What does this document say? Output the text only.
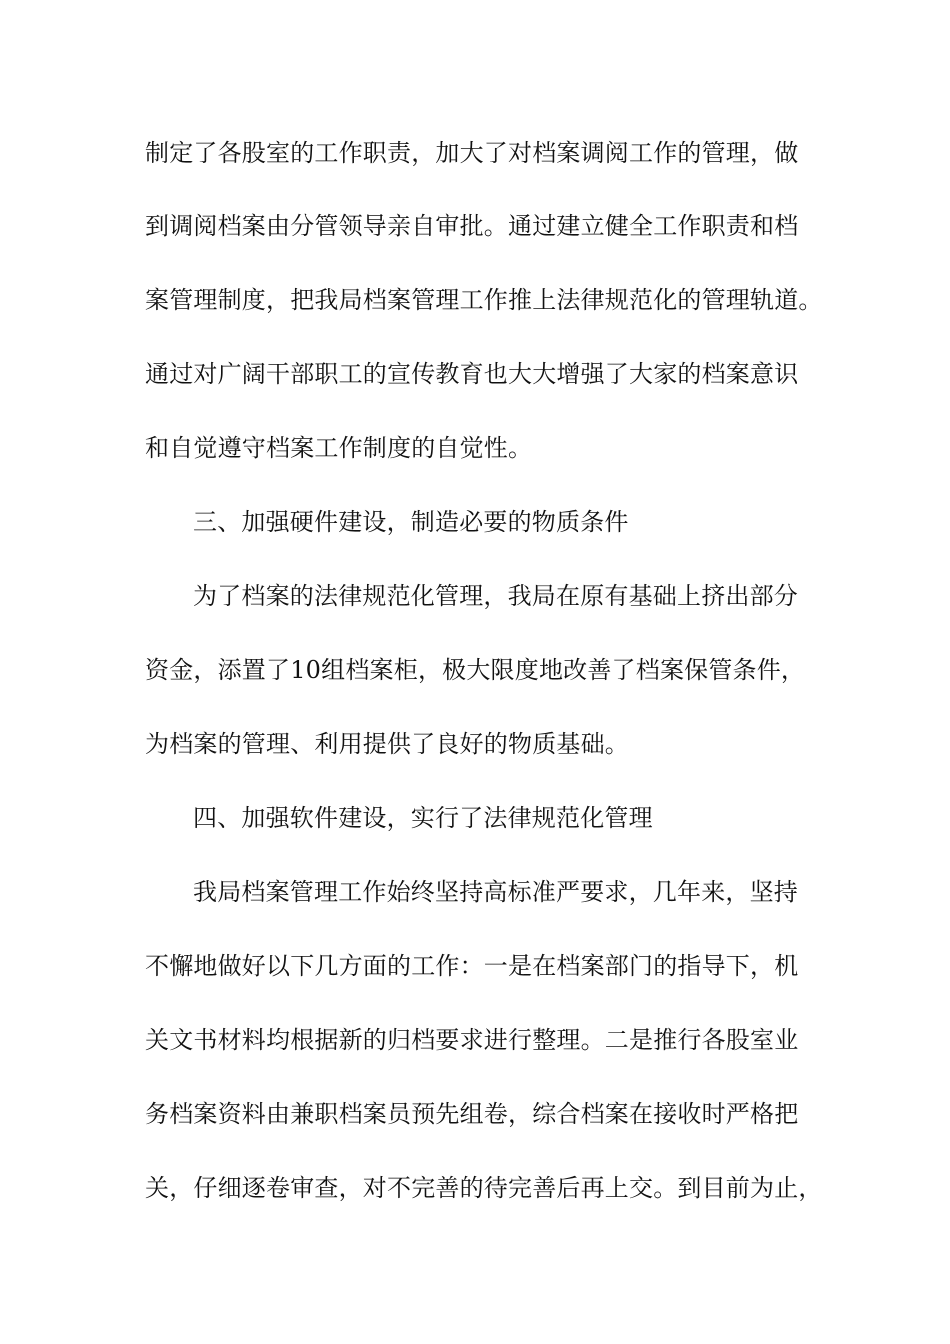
制定了各股室的工作职责，加大了对档案调阅工作的管理，做
到调阅档案由分管领导亲自审批。通过建立健全工作职责和档
案管理制度，把我局档案管理工作推上法律规范化的管理轨道。
通过对广阔干部职工的宣传教育也大大增强了大家的档案意识
和自觉遵守档案工作制度的自觉性。
三、加强硬件建设，制造必要的物质条件
为了档案的法律规范化管理，我局在原有基础上挤出部分
资金，添置了10组档案柜，极大限度地改善了档案保管条件，
为档案的管理、利用提供了良好的物质基础。
四、加强软件建设，实行了法律规范化管理
我局档案管理工作始终坚持高标准严要求，几年来，坚持
不懈地做好以下几方面的工作：一是在档案部门的指导下，机
关文书材料均根据新的归档要求进行整理。二是推行各股室业
务档案资料由兼职档案员预先组卷，综合档案在接收时严格把
关，仔细逐卷审查，对不完善的待完善后再上交。到目前为止，
